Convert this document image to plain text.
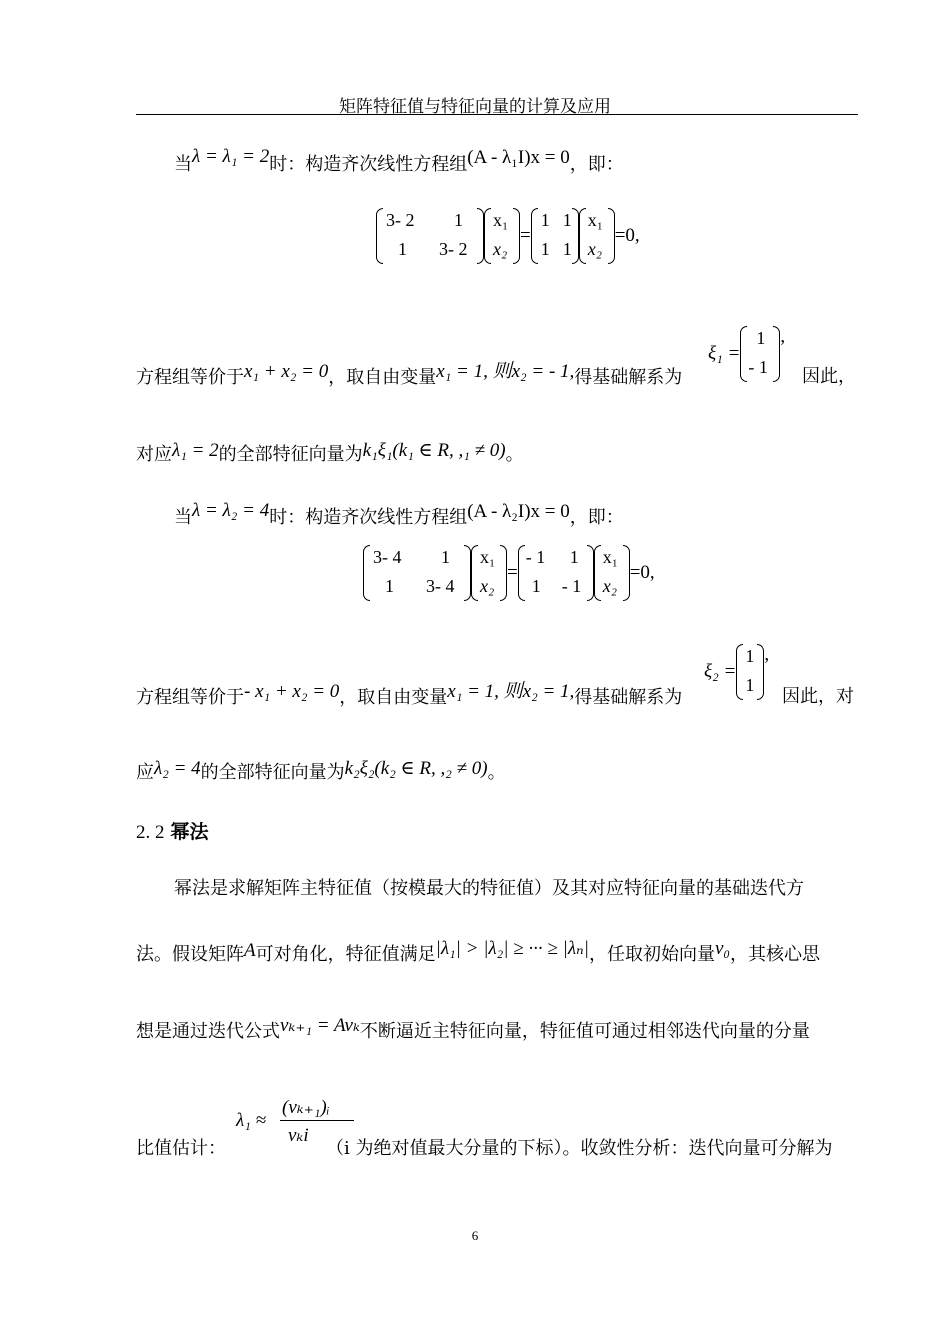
矩阵特征值与特征向量的计算及应用
当λ = λ₁ = 2时：构造齐次线性方程组(A - λ₁I)x = 0，即：
3- 2 1
1 3- 2
x₁
x₂
=
1 1
1 1
x₁
x₂
=0,
方程组等价于x₁ + x₂ = 0，取自由变量x₁ = 1, 则x₂ = - 1,得基础解系为
ξ₁ =
1
- 1
,
因此，
对应λ₁ = 2的全部特征向量为k₁ξ₁(k₁ ∈ R, ,₁ ≠ 0)。
当λ = λ₂ = 4时：构造齐次线性方程组(A - λ₂I)x = 0，即：
3- 4 1
1 3- 4
x₁
x₂
=
- 1 1
1 - 1
x₁
x₂
=0,
方程组等价于- x₁ + x₂ = 0，取自由变量x₁ = 1, 则x₂ = 1,得基础解系为
ξ₂ =
1
1
,
因此，对
应λ₂ = 4的全部特征向量为k₂ξ₂(k₂ ∈ R, ,₂ ≠ 0)。
2. 2 幂法
幂法是求解矩阵主特征值（按模最大的特征值）及其对应特征向量的基础迭代方
法。假设矩阵A可对角化，特征值满足|λ₁| > |λ₂| ≥ ··· ≥ |λₙ|，任取初始向量v₀，其核心思
想是通过迭代公式vₖ₊₁ = Avₖ不断逼近主特征向量，特征值可通过相邻迭代向量的分量
比值估计：
λ₁ ≈
(vₖ₊₁)ᵢ
vₖi
（i 为绝对值最大分量的下标）。收敛性分析：迭代向量可分解为
6
